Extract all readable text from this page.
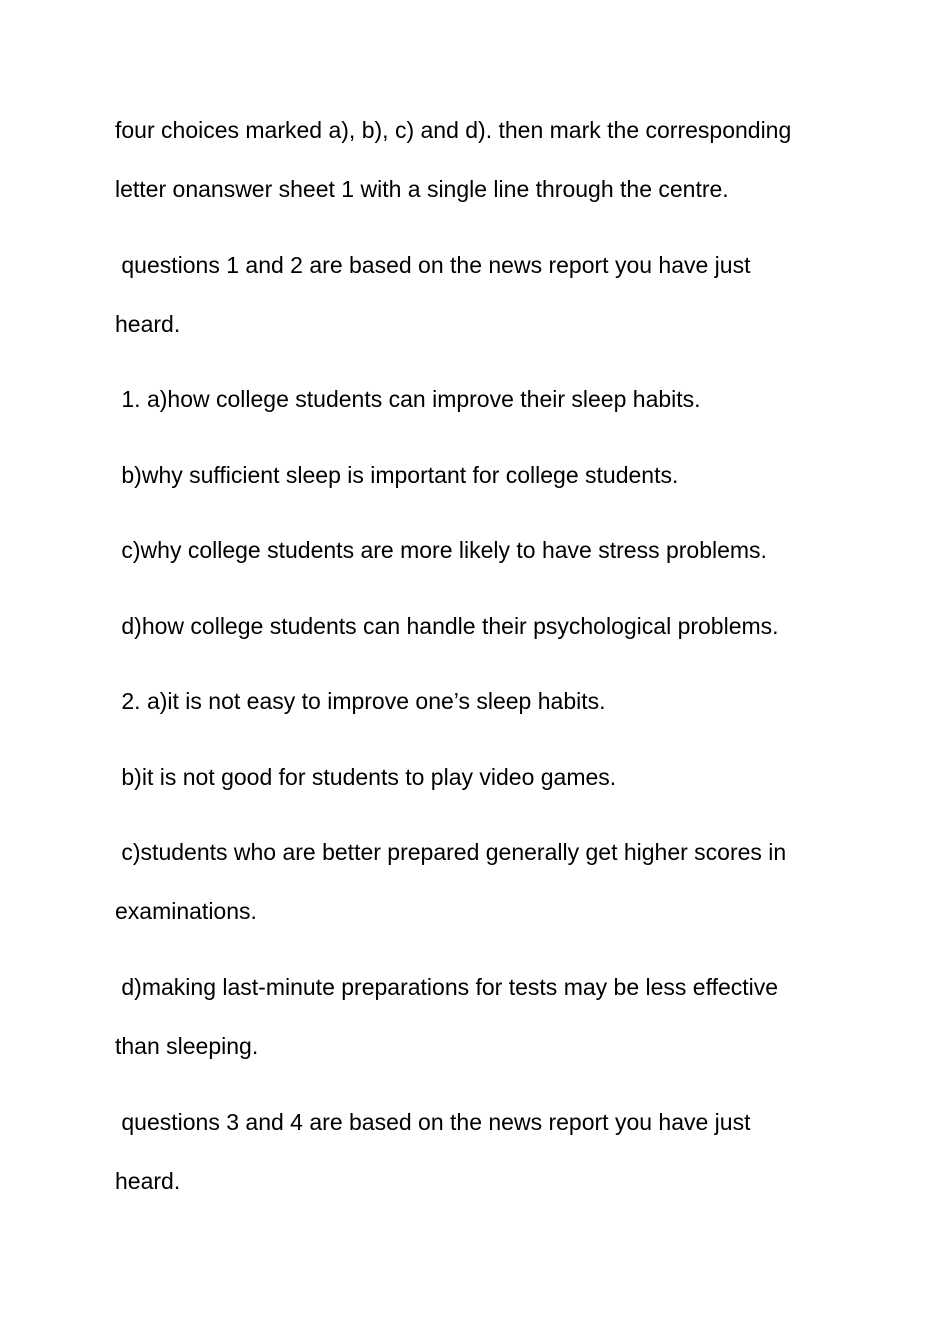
four choices marked a), b), c) and d). then mark the corresponding

letter onanswer sheet 1 with a single line through the centre.

questions 1 and 2 are based on the news report you have just

heard.

1. a)how college students can improve their sleep habits.

b)why sufficient sleep is important for college students.

c)why college students are more likely to have stress problems.

d)how college students can handle their psychological problems.

2. a)it is not easy to improve one’s sleep habits.

b)it is not good for students to play video games.

c)students who are better prepared generally get higher scores in

examinations.

d)making last-minute preparations for tests may be less effective

than sleeping.

questions 3 and 4 are based on the news report you have just

heard.
